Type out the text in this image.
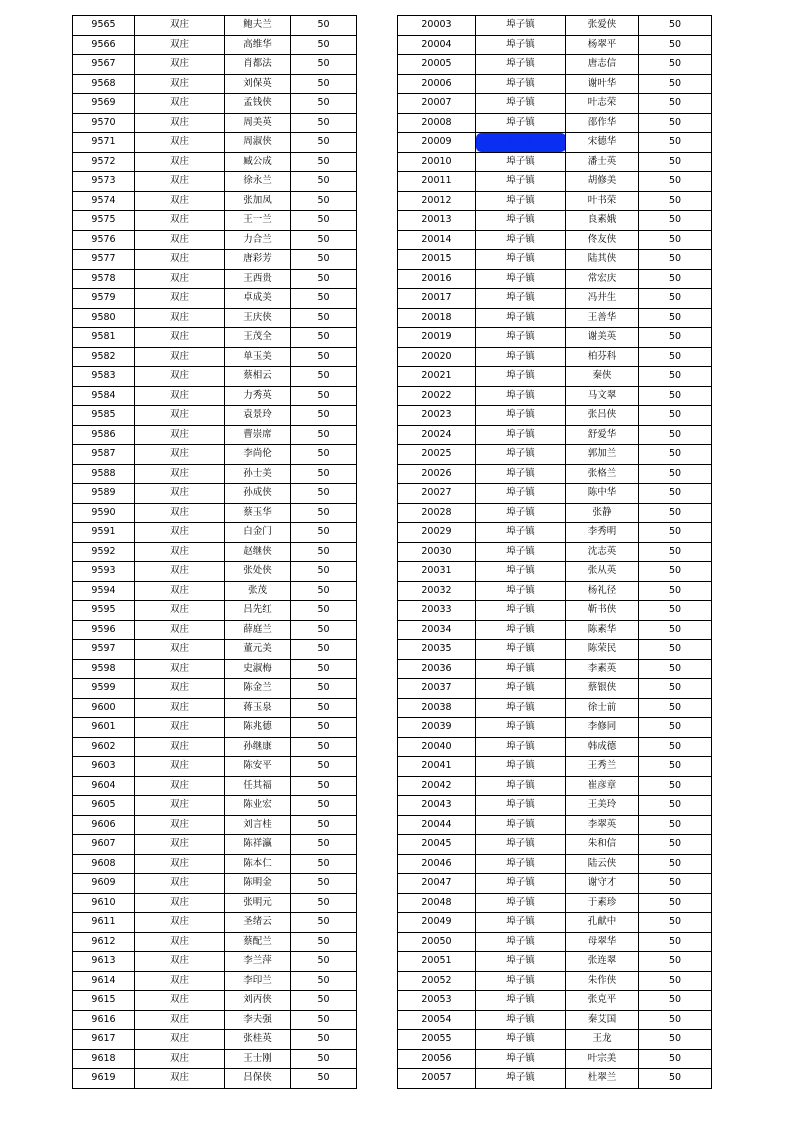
9565	双庄	鲍夫兰	50
9566	双庄	高维华	50
9567	双庄	肖都法	50
9568	双庄	刘保英	50
9569	双庄	孟钱侠	50
9570	双庄	周美英	50
9571	双庄	周淑侠	50
9572	双庄	臧公成	50
9573	双庄	徐永兰	50
9574	双庄	张加凤	50
9575	双庄	王一兰	50
9576	双庄	力合兰	50
9577	双庄	唐彩芳	50
9578	双庄	王西贵	50
9579	双庄	卓成美	50
9580	双庄	王庆侠	50
9581	双庄	王茂全	50
9582	双庄	单玉美	50
9583	双庄	蔡相云	50
9584	双庄	力秀英	50
9585	双庄	袁景玲	50
9586	双庄	曹崇席	50
9587	双庄	李尚伦	50
9588	双庄	孙士美	50
9589	双庄	孙成侠	50
9590	双庄	蔡玉华	50
9591	双庄	白金门	50
9592	双庄	赵继侠	50
9593	双庄	张处侠	50
9594	双庄	张茂	50
9595	双庄	吕先红	50
9596	双庄	薛庭兰	50
9597	双庄	董元美	50
9598	双庄	史淑梅	50
9599	双庄	陈金兰	50
9600	双庄	蒋玉泉	50
9601	双庄	陈兆德	50
9602	双庄	孙继康	50
9603	双庄	陈安平	50
9604	双庄	任其福	50
9605	双庄	陈业宏	50
9606	双庄	刘言桂	50
9607	双庄	陈祥瀛	50
9608	双庄	陈本仁	50
9609	双庄	陈明金	50
9610	双庄	张明元	50
9611	双庄	圣绪云	50
9612	双庄	蔡配兰	50
9613	双庄	李兰萍	50
9614	双庄	李印兰	50
9615	双庄	刘丙侠	50
9616	双庄	李夫强	50
9617	双庄	张桂英	50
9618	双庄	王士刚	50
9619	双庄	吕保侠	50
20003	埠子镇	张爱侠	50
20004	埠子镇	杨翠平	50
20005	埠子镇	唐志信	50
20006	埠子镇	谢叶华	50
20007	埠子镇	叶志荣	50
20008	埠子镇	邵作华	50
20009	埠子镇	宋德华	50
20010	埠子镇	潘士英	50
20011	埠子镇	胡修美	50
20012	埠子镇	叶书荣	50
20013	埠子镇	良素娥	50
20014	埠子镇	佟友侠	50
20015	埠子镇	陆其侠	50
20016	埠子镇	常宏庆	50
20017	埠子镇	冯井生	50
20018	埠子镇	王善华	50
20019	埠子镇	谢美英	50
20020	埠子镇	柏芬科	50
20021	埠子镇	秦侠	50
20022	埠子镇	马文翠	50
20023	埠子镇	张吕侠	50
20024	埠子镇	舒爱华	50
20025	埠子镇	郭加兰	50
20026	埠子镇	张格兰	50
20027	埠子镇	陈中华	50
20028	埠子镇	张静	50
20029	埠子镇	李秀明	50
20030	埠子镇	沈志英	50
20031	埠子镇	张从英	50
20032	埠子镇	杨礼径	50
20033	埠子镇	靳书侠	50
20034	埠子镇	陈素华	50
20035	埠子镇	陈荣民	50
20036	埠子镇	李素英	50
20037	埠子镇	蔡银侠	50
20038	埠子镇	徐士前	50
20039	埠子镇	李修同	50
20040	埠子镇	韩成德	50
20041	埠子镇	王秀兰	50
20042	埠子镇	崔彦章	50
20043	埠子镇	王美玲	50
20044	埠子镇	李翠英	50
20045	埠子镇	朱和信	50
20046	埠子镇	陆云侠	50
20047	埠子镇	谢守才	50
20048	埠子镇	于素珍	50
20049	埠子镇	孔献中	50
20050	埠子镇	母翠华	50
20051	埠子镇	张连翠	50
20052	埠子镇	朱作侠	50
20053	埠子镇	张克平	50
20054	埠子镇	秦艾国	50
20055	埠子镇	王龙	50
20056	埠子镇	叶宗美	50
20057	埠子镇	杜翠兰	50
